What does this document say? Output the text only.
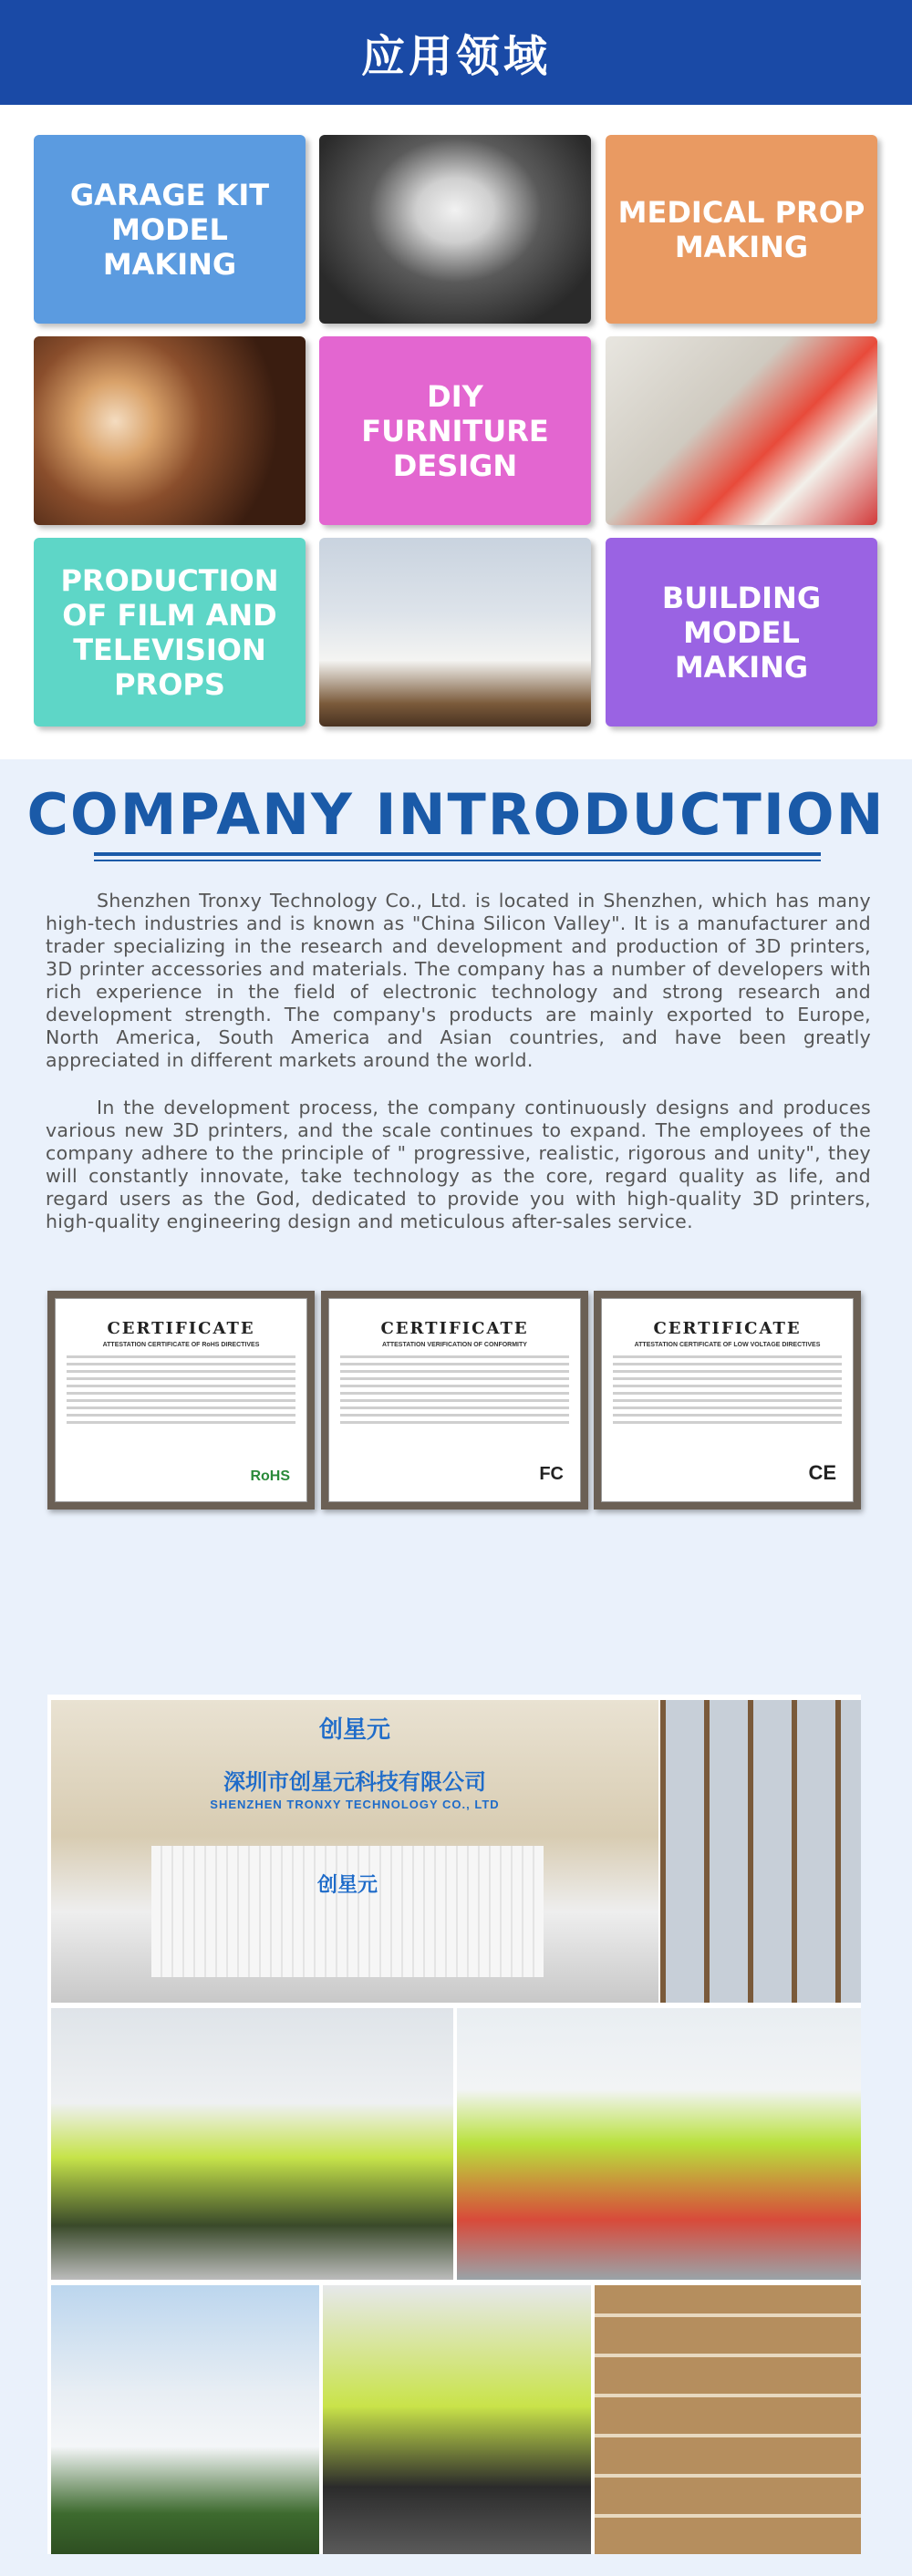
应用领域
GARAGE KIT MODEL MAKING
MEDICAL PROP MAKING
DIY FURNITURE DESIGN
PRODUCTION OF FILM AND TELEVISION PROPS
BUILDING MODEL MAKING
COMPANY INTRODUCTION

Shenzhen Tronxy Technology Co., Ltd. is located in Shenzhen, which has many high-tech industries and is known as "China Silicon Valley". It is a manufacturer and trader specializing in the research and development and production of 3D printers, 3D printer accessories and materials. The company has a number of developers with rich experience in the field of electronic technology and strong research and development strength. The company's products are mainly exported to Europe, North America, South America and Asian countries, and have been greatly appreciated in different markets around the world.

In the development process, the company continuously designs and produces various new 3D printers, and the scale continues to expand. The employees of the company adhere to the principle of " progressive, realistic, rigorous and unity", they will constantly innovate, take technology as the core, regard quality as life, and regard users as the God, dedicated to provide you with high-quality 3D printers, high-quality engineering design and meticulous after-sales service.

CERTIFICATE
ATTESTATION CERTIFICATE OF RoHS DIRECTIVES
RoHS
CERTIFICATE
ATTESTATION VERIFICATION OF CONFORMITY
FC
CERTIFICATE
ATTESTATION CERTIFICATE OF LOW VOLTAGE DIRECTIVES
CE
创星元
深圳市创星元科技有限公司
SHENZHEN TRONXY TECHNOLOGY CO., LTD
创星元
